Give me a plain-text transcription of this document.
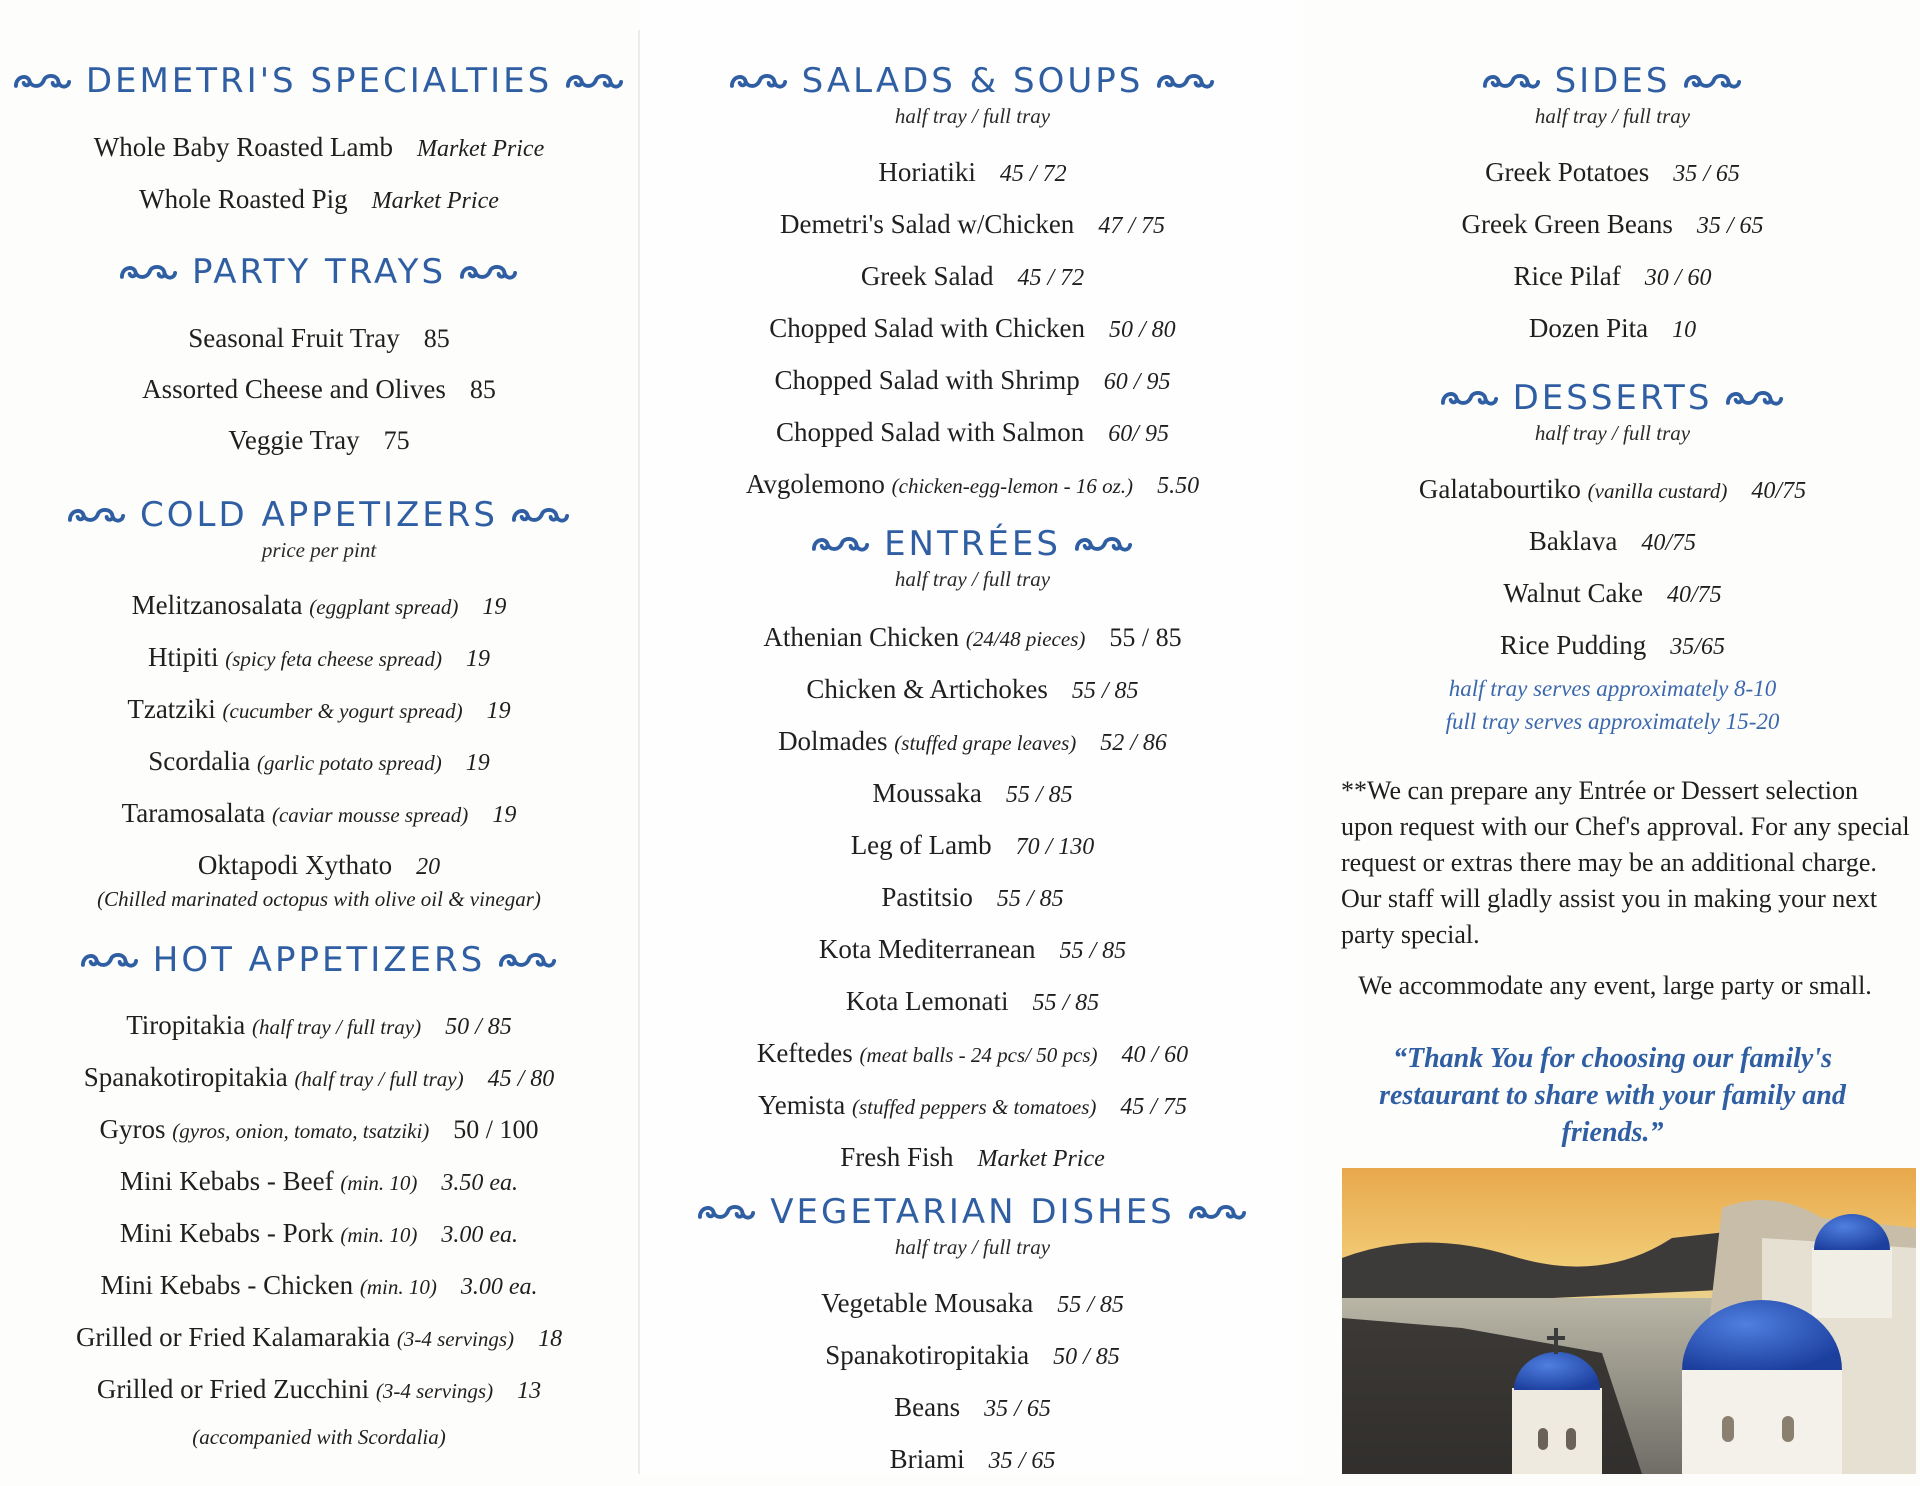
DEMETRI'S SPECIALTIES
Whole Baby Roasted Lamb Market Price
Whole Roasted Pig Market Price
PARTY TRAYS
Seasonal Fruit Tray 85
Assorted Cheese and Olives 85
Veggie Tray 75
COLD APPETIZERS
price per pint
Melitzanosalata (eggplant spread) 19
Htipiti (spicy feta cheese spread) 19
Tzatziki (cucumber & yogurt spread) 19
Scordalia (garlic potato spread) 19
Taramosalata (caviar mousse spread) 19
Oktapodi Xythato 20
(Chilled marinated octopus with olive oil & vinegar)
HOT APPETIZERS
Tiropitakia (half tray / full tray) 50 / 85
Spanakotiropitakia (half tray / full tray) 45 / 80
Gyros (gyros, onion, tomato, tsatziki) 50 / 100
Mini Kebabs - Beef (min. 10) 3.50 ea.
Mini Kebabs - Pork (min. 10) 3.00 ea.
Mini Kebabs - Chicken (min. 10) 3.00 ea.
Grilled or Fried Kalamarakia (3-4 servings) 18
Grilled or Fried Zucchini (3-4 servings) 13
(accompanied with Scordalia)
SALADS & SOUPS
half tray / full tray
Horiatiki 45 / 72
Demetri's Salad w/Chicken 47 / 75
Greek Salad 45 / 72
Chopped Salad with Chicken 50 / 80
Chopped Salad with Shrimp 60 / 95
Chopped Salad with Salmon 60/ 95
Avgolemono (chicken-egg-lemon - 16 oz.) 5.50
ENTRÉES
half tray / full tray
Athenian Chicken (24/48 pieces) 55 / 85
Chicken & Artichokes 55 / 85
Dolmades (stuffed grape leaves) 52 / 86
Moussaka 55 / 85
Leg of Lamb 70 / 130
Pastitsio 55 / 85
Kota Mediterranean 55 / 85
Kota Lemonati 55 / 85
Keftedes (meat balls - 24 pcs/ 50 pcs) 40 / 60
Yemista (stuffed peppers & tomatoes) 45 / 75
Fresh Fish Market Price
VEGETARIAN DISHES
half tray / full tray
Vegetable Mousaka 55 / 85
Spanakotiropitakia 50 / 85
Beans 35 / 65
Briami 35 / 65
SIDES
half tray / full tray
Greek Potatoes 35 / 65
Greek Green Beans 35 / 65
Rice Pilaf 30 / 60
Dozen Pita 10
DESSERTS
half tray / full tray
Galatabourtiko (vanilla custard) 40/75
Baklava 40/75
Walnut Cake 40/75
Rice Pudding 35/65
half tray serves approximately 8-10
full tray serves approximately 15-20

**We can prepare any Entrée or Dessert selection upon request with our Chef's approval. For any special request or extras there may be an additional charge. Our staff will gladly assist you in making your next party special.

We accommodate any event, large party or small.

“Thank You for choosing our family's restaurant to share with your family and friends.”
